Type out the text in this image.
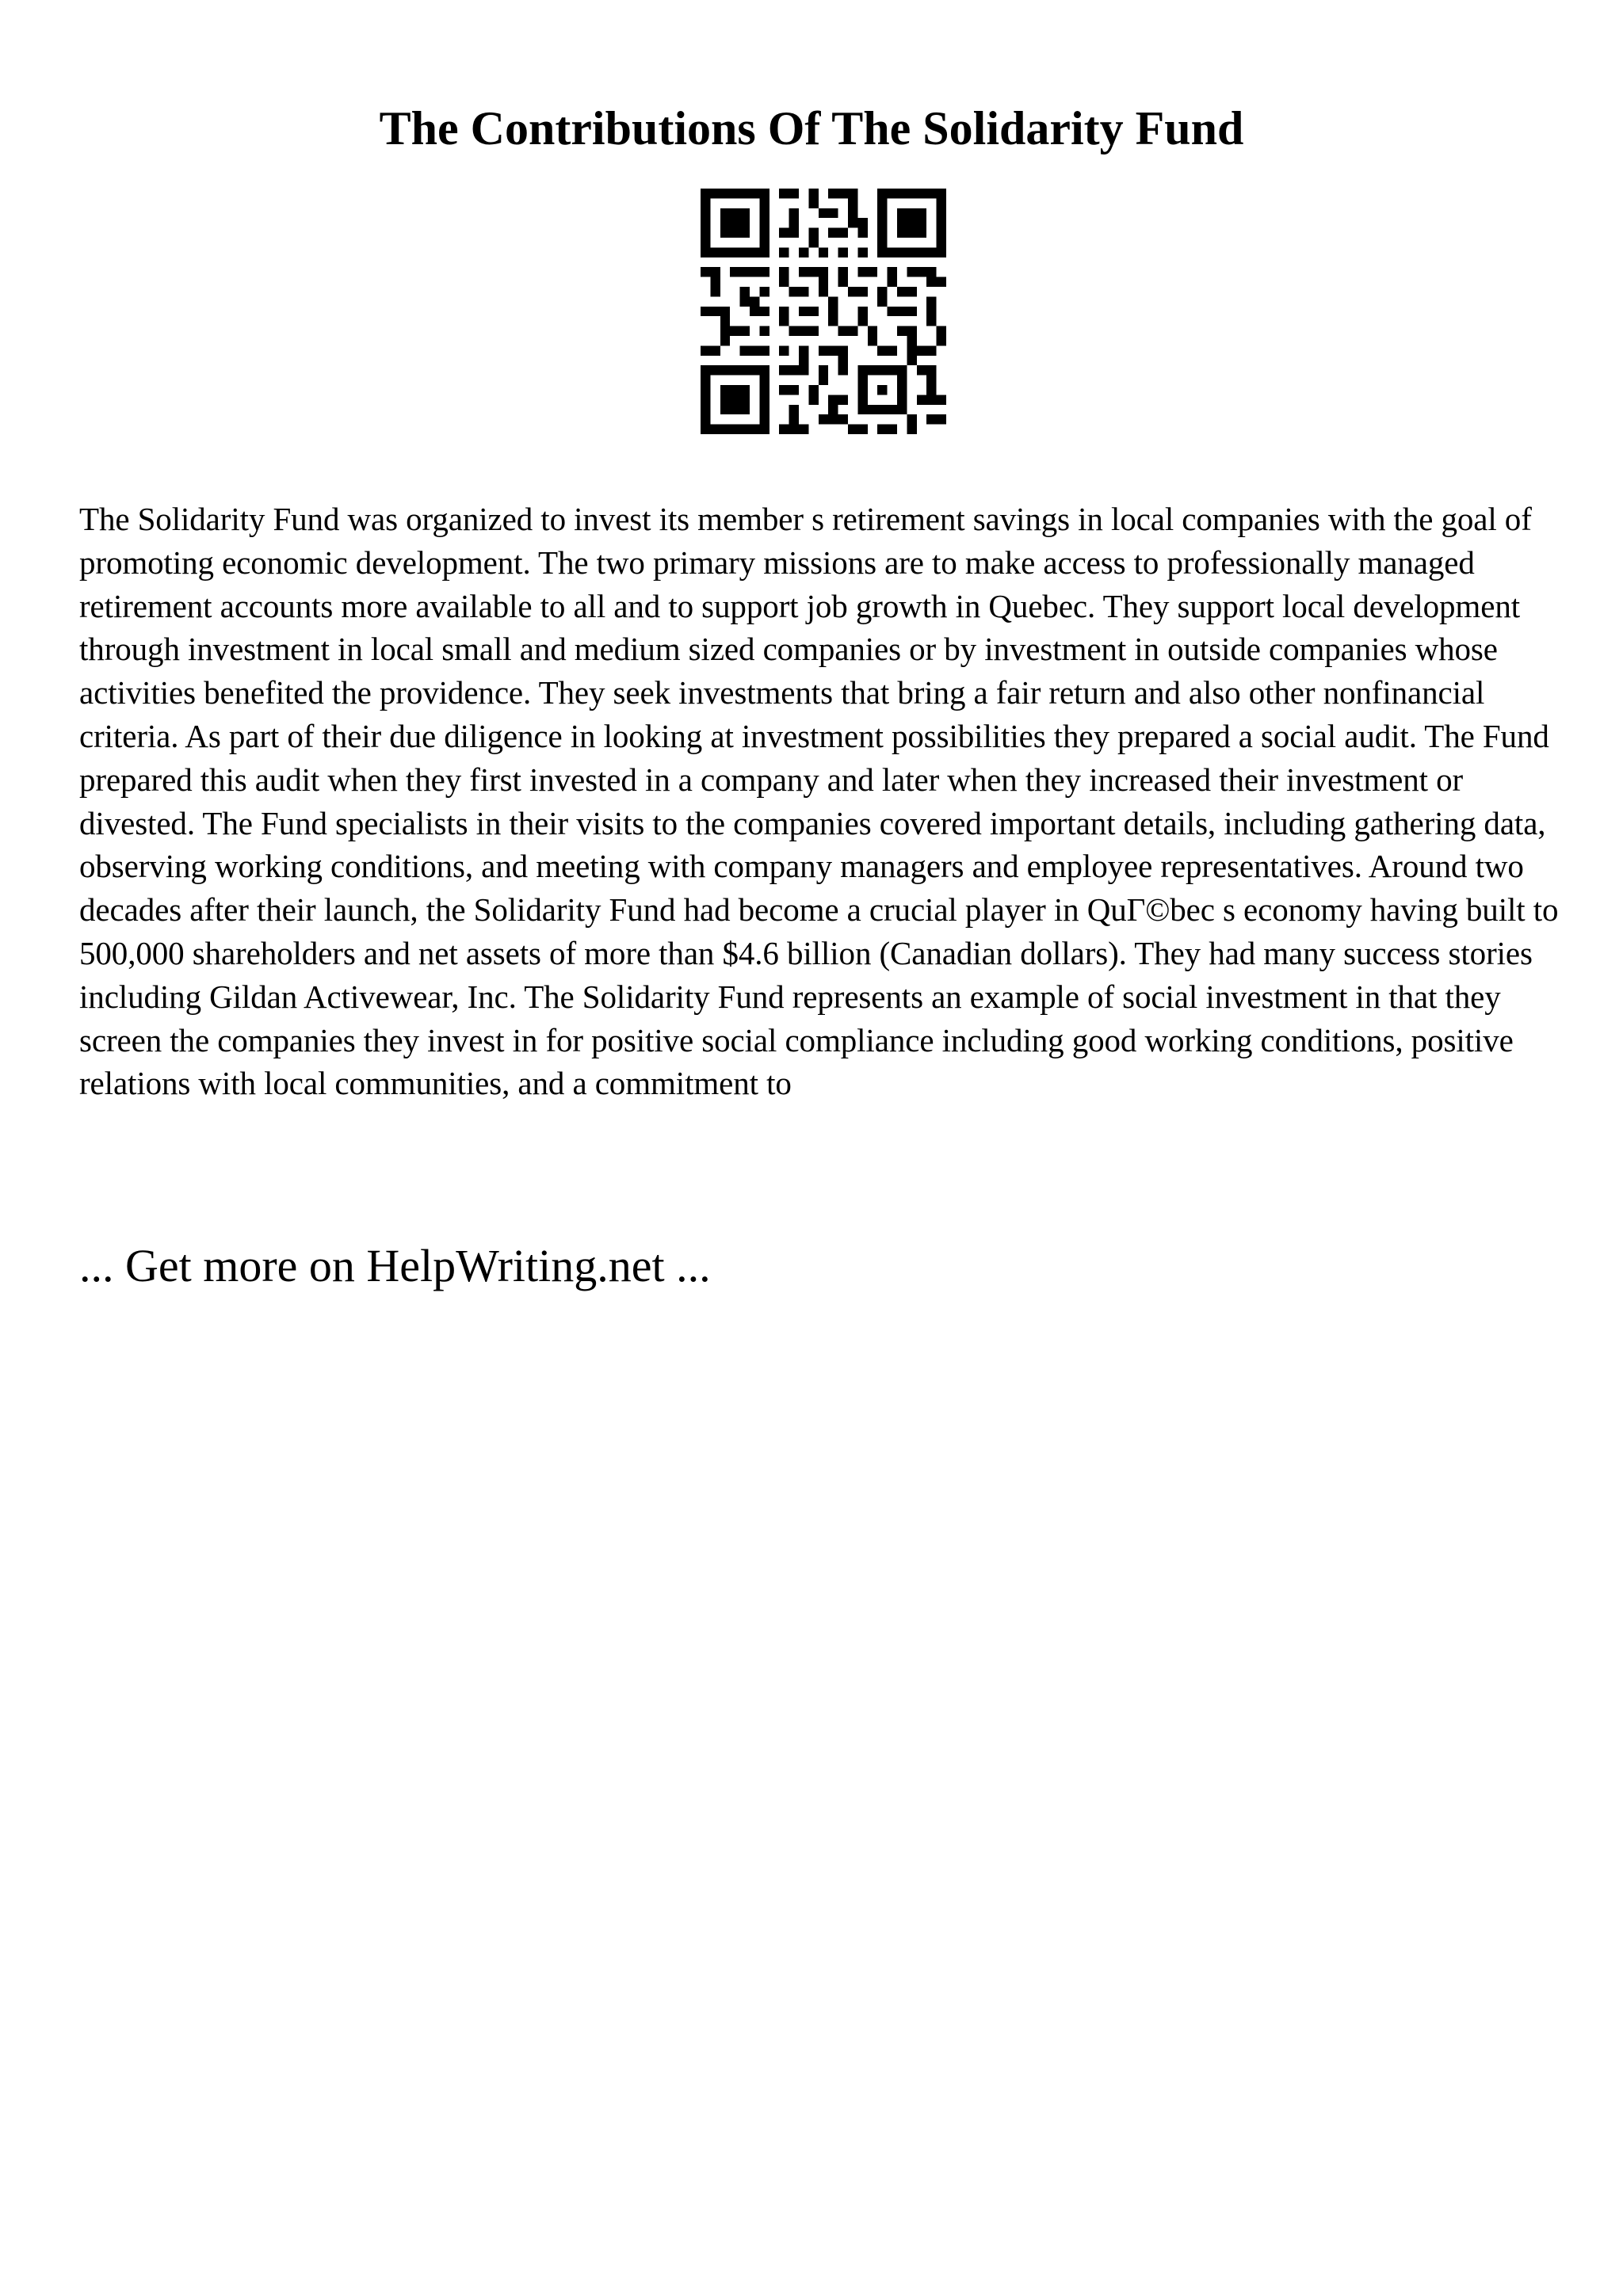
The Contributions Of The Solidarity Fund

The Solidarity Fund was organized to invest its member s retirement savings in local companies with the goal of promoting economic development. The two primary missions are to make access to professionally managed retirement accounts more available to all and to support job growth in Quebec. They support local development through investment in local small and medium sized companies or by investment in outside companies whose activities benefited the providence. They seek investments that bring a fair return and also other nonfinancial criteria. As part of their due diligence in looking at investment possibilities they prepared a social audit. The Fund prepared this audit when they first invested in a company and later when they increased their investment or divested. The Fund specialists in their visits to the companies covered important details, including gathering data, observing working conditions, and meeting with company managers and employee representatives. Around two decades after their launch, the Solidarity Fund had become a crucial player in QuГ©bec s economy having built to 500,000 shareholders and net assets of more than $4.6 billion (Canadian dollars). They had many success stories including Gildan Activewear, Inc. The Solidarity Fund represents an example of social investment in that they screen the companies they invest in for positive social compliance including good working conditions, positive relations with local communities, and a commitment to

... Get more on HelpWriting.net ...
